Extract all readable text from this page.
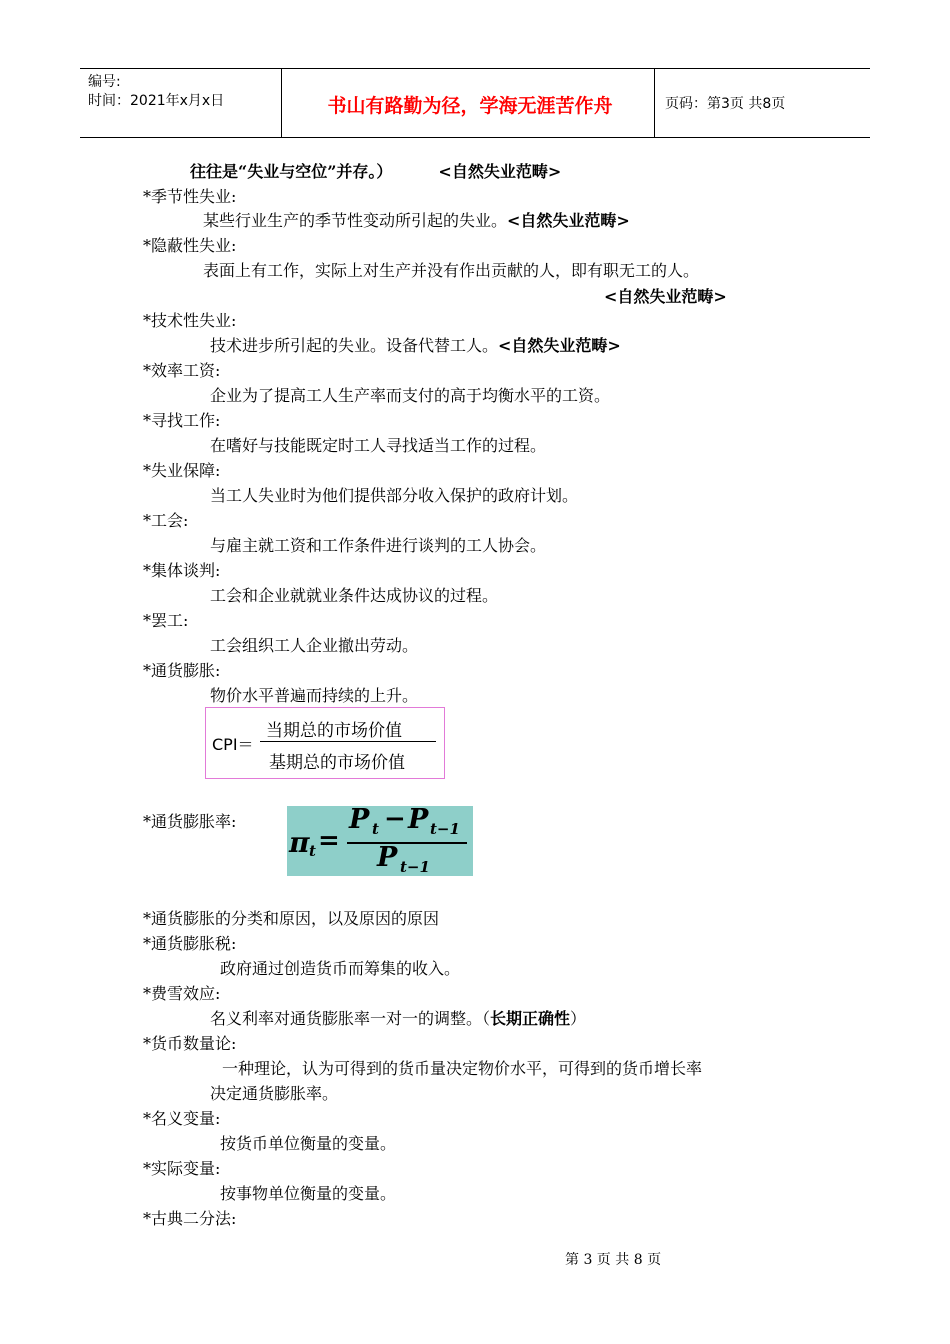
编号:
时间：2021年x月x日	书山有路勤为径，学海无涯苦作舟	页码：第3页 共8页
往往是“失业与空位”并存。）	<自然失业范畴>
*季节性失业:
某些行业生产的季节性变动所引起的失业。<自然失业范畴>
*隐蔽性失业:
表面上有工作，实际上对生产并没有作出贡献的人，即有职无工的人。
<自然失业范畴>
*技术性失业:
技术进步所引起的失业。设备代替工人。<自然失业范畴>
*效率工资:
企业为了提高工人生产率而支付的高于均衡水平的工资。
*寻找工作:
在嗜好与技能既定时工人寻找适当工作的过程。
*失业保障:
当工人失业时为他们提供部分收入保护的政府计划。
*工会:
与雇主就工资和工作条件进行谈判的工人协会。
*集体谈判:
工会和企业就就业条件达成协议的过程。
*罢工:
工会组织工人企业撤出劳动。
*通货膨胀:
物价水平普遍而持续的上升。
CPI＝
当期总的市场价值
基期总的市场价值
*通货膨胀率:
π t =
P t − P t−1
P t−1
*通货膨胀的分类和原因，以及原因的原因
*通货膨胀税:
政府通过创造货币而筹集的收入。
*费雪效应:
名义利率对通货膨胀率一对一的调整。（长期正确性）
*货币数量论:
一种理论，认为可得到的货币量决定物价水平，可得到的货币增长率
决定通货膨胀率。
*名义变量:
按货币单位衡量的变量。
*实际变量:
按事物单位衡量的变量。
*古典二分法:
第 3 页 共 8 页
